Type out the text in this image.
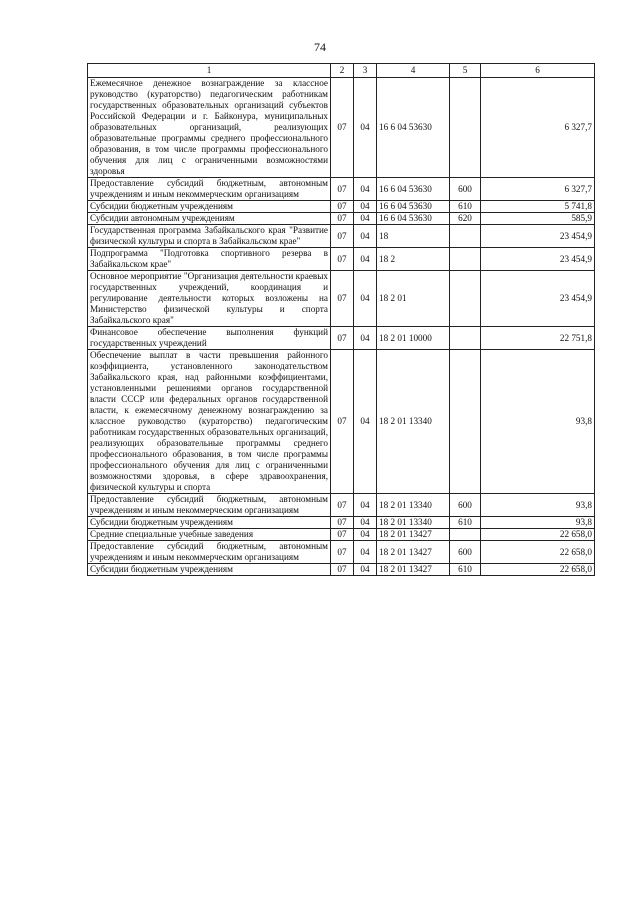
74
1	2	3	4	5	6
Ежемесячное денежное вознаграждение за классное руководство (кураторство) педагогическим работникам государственных образовательных организаций субъектов Российской Федерации и г. Байконура, муниципальных образовательных организаций, реализующих образовательные программы среднего профессионального образования, в том числе программы профессионального обучения для лиц с ограниченными возможностями здоровья	07	04	16 6 04 53630		6 327,7
Предоставление субсидий бюджетным, автономным учреждениям и иным некоммерческим организациям	07	04	16 6 04 53630	600	6 327,7
Субсидии бюджетным учреждениям	07	04	16 6 04 53630	610	5 741,8
Субсидии автономным учреждениям	07	04	16 6 04 53630	620	585,9
Государственная программа Забайкальского края "Развитие физической культуры и спорта в Забайкальском крае"	07	04	18		23 454,9
Подпрограмма "Подготовка спортивного резерва в Забайкальском крае"	07	04	18 2		23 454,9
Основное мероприятие "Организация деятельности краевых государственных учреждений, координация и регулирование деятельности которых возложены на Министерство физической культуры и спорта Забайкальского края"	07	04	18 2 01		23 454,9
Финансовое обеспечение выполнения функций государственных учреждений	07	04	18 2 01 10000		22 751,8
Обеспечение выплат в части превышения районного коэффициента, установленного законодательством Забайкальского края, над районными коэффициентами, установленными решениями органов государственной власти СССР или федеральных органов государственной власти, к ежемесячному денежному вознаграждению за классное руководство (кураторство) педагогическим работникам государственных образовательных организаций, реализующих образовательные программы среднего профессионального образования, в том числе программы профессионального обучения для лиц с ограниченными возможностями здоровья, в сфере здравоохранения, физической культуры и спорта	07	04	18 2 01 13340		93,8
Предоставление субсидий бюджетным, автономным учреждениям и иным некоммерческим организациям	07	04	18 2 01 13340	600	93,8
Субсидии бюджетным учреждениям	07	04	18 2 01 13340	610	93,8
Средние специальные учебные заведения	07	04	18 2 01 13427		22 658,0
Предоставление субсидий бюджетным, автономным учреждениям и иным некоммерческим организациям	07	04	18 2 01 13427	600	22 658,0
Субсидии бюджетным учреждениям	07	04	18 2 01 13427	610	22 658,0
